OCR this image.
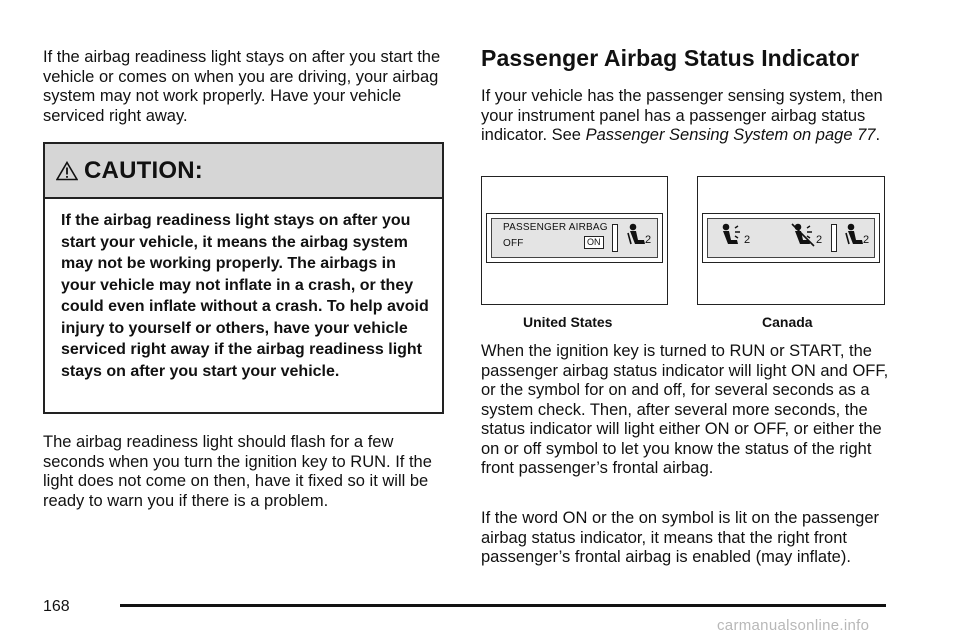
If the airbag readiness light stays on after you start the vehicle or comes on when you are driving, your airbag system may not work properly. Have your vehicle serviced right away.

CAUTION:
If the airbag readiness light stays on after you start your vehicle, it means the airbag system may not be working properly. The airbags in your vehicle may not inflate in a crash, or they could even inflate without a crash. To help avoid injury to yourself or others, have your vehicle serviced right away if the airbag readiness light stays on after you start your vehicle.

The airbag readiness light should flash for a few seconds when you turn the ignition key to RUN. If the light does not come on then, have it fixed so it will be ready to warn you if there is a problem.

Passenger Airbag Status Indicator

If your vehicle has the passenger sensing system, then your instrument panel has a passenger airbag status indicator. See Passenger Sensing System on page 77.

PASSENGER AIRBAG
OFF	ON	2	2	2	2
United States	Canada

When the ignition key is turned to RUN or START, the passenger airbag status indicator will light ON and OFF, or the symbol for on and off, for several seconds as a system check. Then, after several more seconds, the status indicator will light either ON or OFF, or either the on or off symbol to let you know the status of the right front passenger’s frontal airbag.

If the word ON or the on symbol is lit on the passenger airbag status indicator, it means that the right front passenger’s frontal airbag is enabled (may inflate).

168
carmanualsonline.info
